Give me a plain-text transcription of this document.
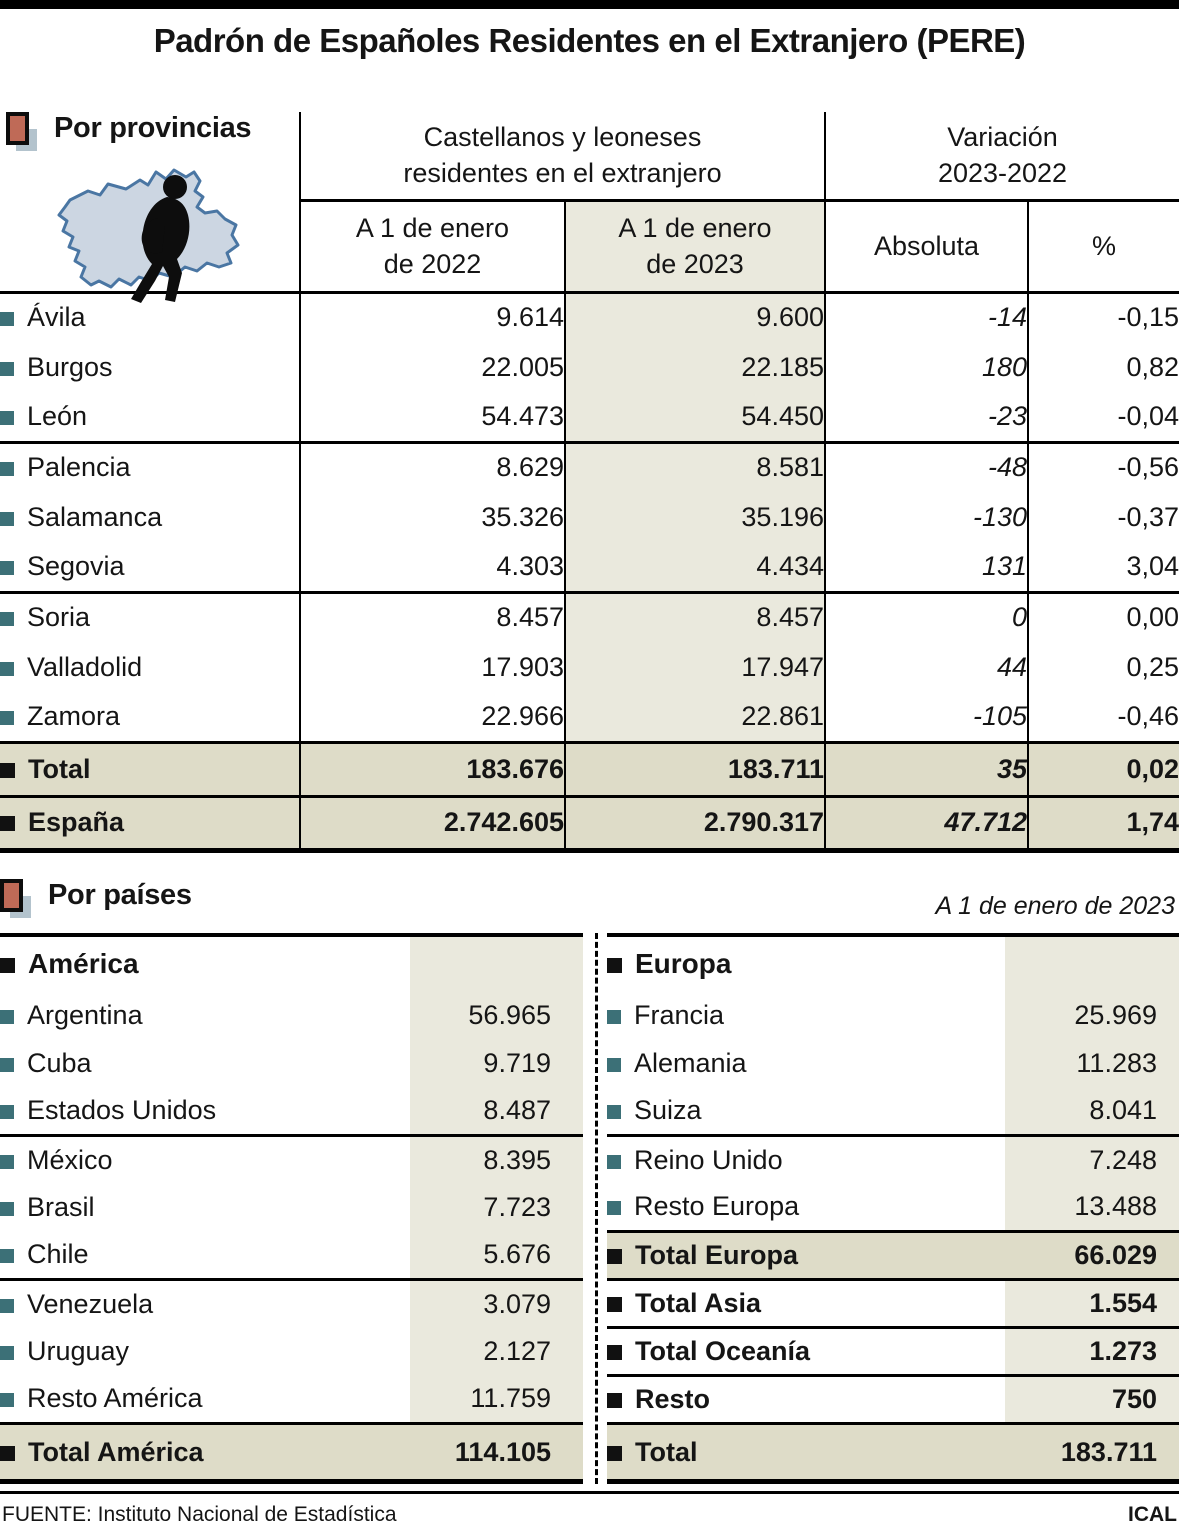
Padrón de Españoles Residentes en el Extranjero (PERE)
Por provincias
		Castellanos y leoneses residentes en el extranjero		Variación 2023-2022	
	A 1 de enero de 2022	A 1 de enero de 2023	Absoluta	%
Ávila	9.614	9.600	-14	-0,15
Burgos	22.005	22.185	180	0,82
León	54.473	54.450	-23	-0,04
Palencia	8.629	8.581	-48	-0,56
Salamanca	35.326	35.196	-130	-0,37
Segovia	4.303	4.434	131	3,04
Soria	8.457	8.457	0	0,00
Valladolid	17.903	17.947	44	0,25
Zamora	22.966	22.861	-105	-0,46
Total	183.676	183.711	35	0,02
España	2.742.605	2.790.317	47.712	1,74
Por países	A 1 de enero de 2023
América	
Argentina	56.965
Cuba	9.719
Estados Unidos	8.487
México	8.395
Brasil	7.723
Chile	5.676
Venezuela	3.079
Uruguay	2.127
Resto América	11.759
Total América	114.105
Europa	
Francia	25.969
Alemania	11.283
Suiza	8.041
Reino Unido	7.248
Resto Europa	13.488
Total Europa	66.029
Total Asia	1.554
Total Oceanía	1.273
Resto	750
Total	183.711
FUENTE: Instituto Nacional de Estadística	ICAL
